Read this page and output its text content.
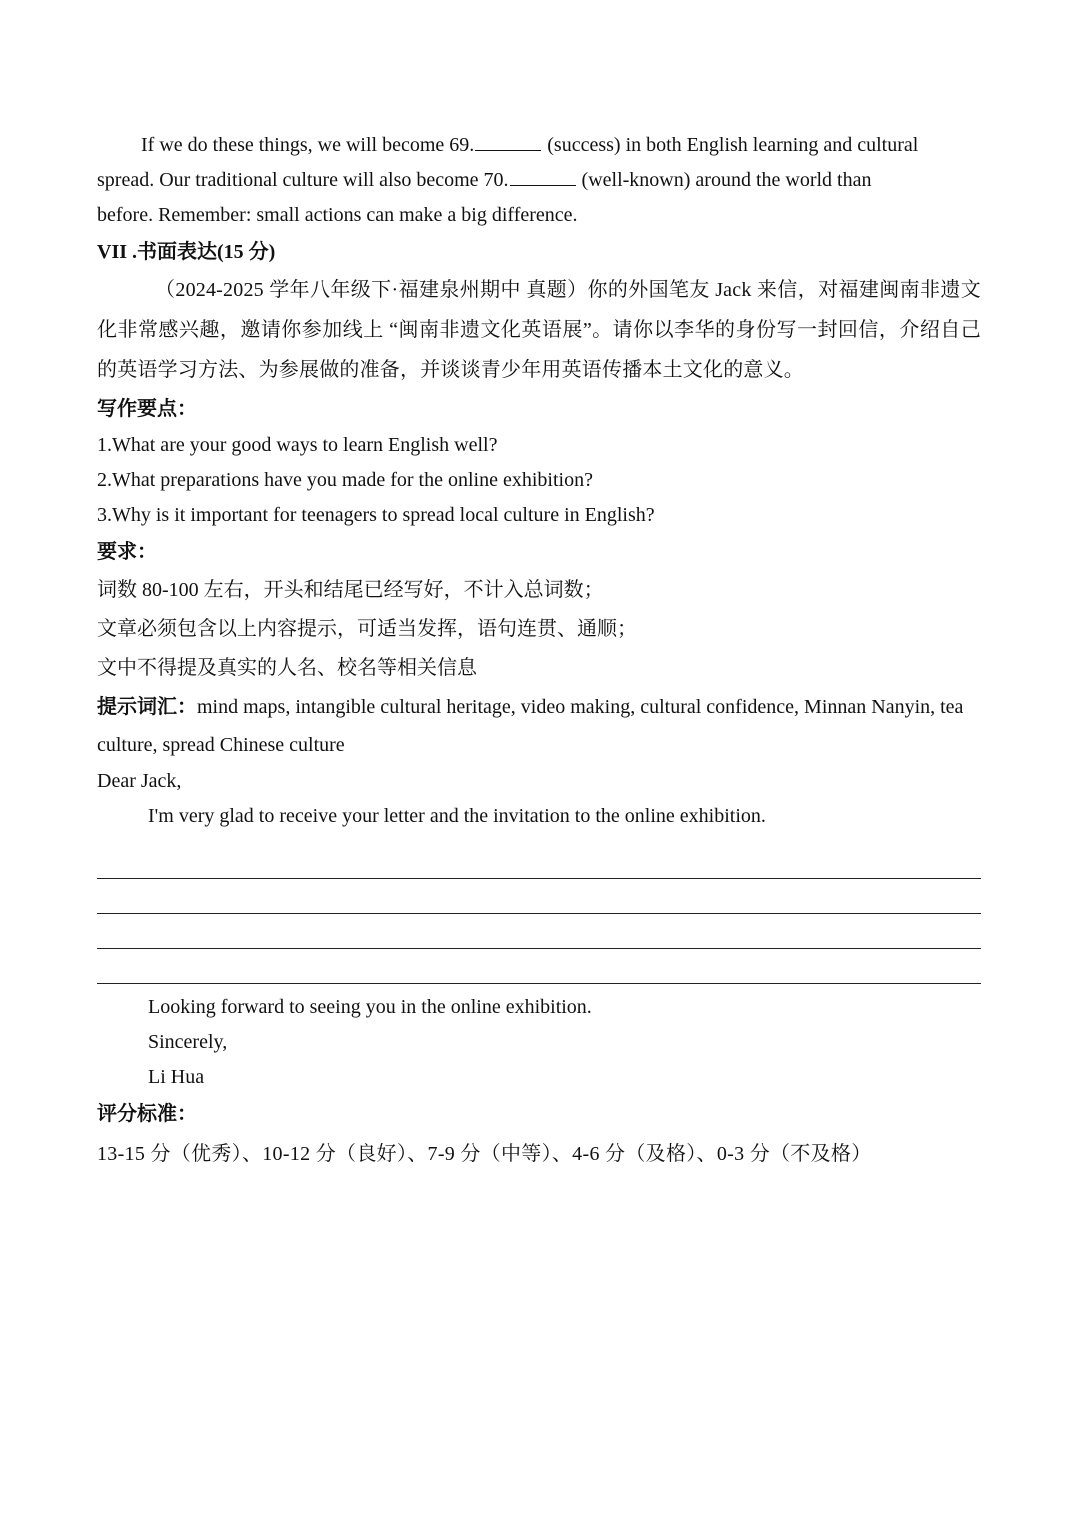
If we do these things, we will become 69.	(success) in both English learning and cultural

spread. Our traditional culture will also become 70.	(well-known) around the world than

before. Remember: small actions can make a big difference.

VII .书面表达(15 分)

（2024-2025 学年八年级下·福建泉州期中 真题）你的外国笔友 Jack 来信，对福建闽南非遗文化非常感兴趣，邀请你参加线上 “闽南非遗文化英语展”。请你以李华的身份写一封回信，介绍自己的英语学习方法、为参展做的准备，并谈谈青少年用英语传播本土文化的意义。

写作要点：

1.What are your good ways to learn English well?

2.What preparations have you made for the online exhibition?

3.Why is it important for teenagers to spread local culture in English?

要求：

词数 80-100 左右，开头和结尾已经写好，不计入总词数；

文章必须包含以上内容提示，可适当发挥，语句连贯、通顺；

文中不得提及真实的人名、校名等相关信息

提示词汇：mind maps, intangible cultural heritage, video making, cultural confidence, Minnan Nanyin, tea culture, spread Chinese culture

Dear Jack,

I'm very glad to receive your letter and the invitation to the online exhibition.

Looking forward to seeing you in the online exhibition.

Sincerely,

Li Hua

评分标准：

13-15 分（优秀）、10-12 分（良好）、7-9 分（中等）、4-6 分（及格）、0-3 分（不及格）
